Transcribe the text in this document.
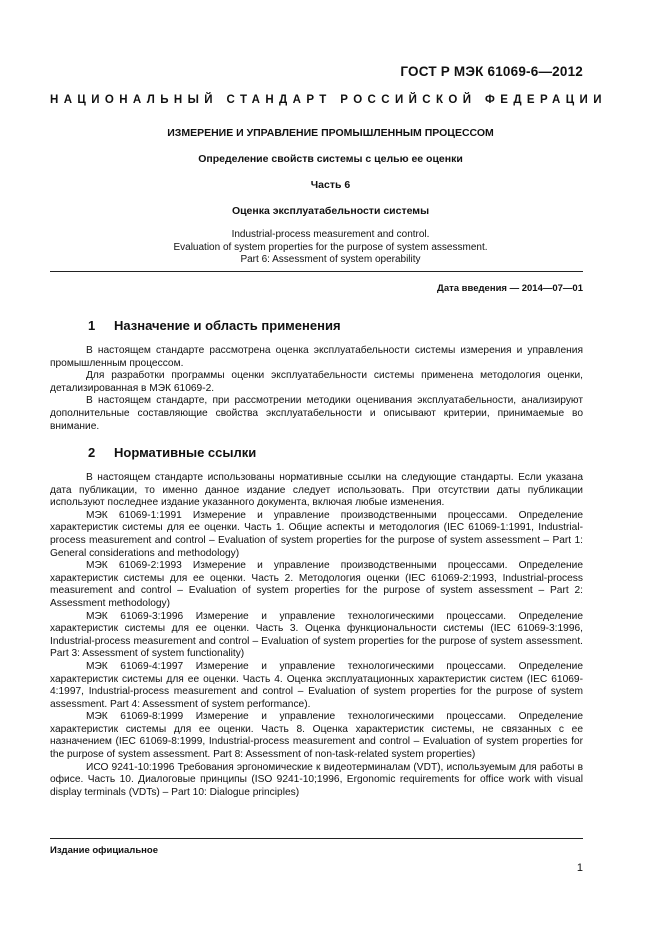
ГОСТ Р МЭК 61069-6—2012
НАЦИОНАЛЬНЫЙ СТАНДАРТ РОССИЙСКОЙ ФЕДЕРАЦИИ
ИЗМЕРЕНИЕ И УПРАВЛЕНИЕ ПРОМЫШЛЕННЫМ ПРОЦЕССОМ
Определение свойств системы с целью ее оценки
Часть 6
Оценка эксплуатабельности системы
Industrial-process measurement and control.
Evaluation of system properties for the purpose of system assessment.
Part 6: Assessment of system operability
Дата введения — 2014—07—01
1 Назначение и область применения

В настоящем стандарте рассмотрена оценка эксплуатабельности системы измерения и управления промышленным процессом.

Для разработки программы оценки эксплуатабельности системы применена методология оценки, детализированная в МЭК 61069-2.

В настоящем стандарте, при рассмотрении методики оценивания эксплуатабельности, анализируют дополнительные составляющие свойства эксплуатабельности и описывают критерии, принимаемые во внимание.

2 Нормативные ссылки

В настоящем стандарте использованы нормативные ссылки на следующие стандарты. Если указана дата публикации, то именно данное издание следует использовать. При отсутствии даты публикации используют последнее издание указанного документа, включая любые изменения.

МЭК 61069-1:1991 Измерение и управление производственными процессами. Определение характеристик системы для ее оценки. Часть 1. Общие аспекты и методология (IEC 61069-1:1991, Industrial-process measurement and control – Evaluation of system properties for the purpose of system assessment – Part 1: General considerations and methodology)

МЭК 61069-2:1993 Измерение и управление производственными процессами. Определение характеристик системы для ее оценки. Часть 2. Методология оценки (IEC 61069-2:1993, Industrial-process measurement and control – Evaluation of system properties for the purpose of system assessment – Part 2: Assessment methodology)

МЭК 61069-3:1996 Измерение и управление технологическими процессами. Определение характеристик системы для ее оценки. Часть 3. Оценка функциональности системы (IEC 61069-3:1996, Industrial-process measurement and control – Evaluation of system properties for the purpose of system assessment. Part 3: Assessment of system functionality)

МЭК 61069-4:1997 Измерение и управление технологическими процессами. Определение характеристик системы для ее оценки. Часть 4. Оценка эксплуатационных характеристик систем (IEC 61069-4:1997, Industrial-process measurement and control – Evaluation of system properties for the purpose of system assessment. Part 4: Assessment of system performance).

МЭК 61069-8:1999 Измерение и управление технологическими процессами. Определение характеристик системы для ее оценки. Часть 8. Оценка характеристик системы, не связанных с ее назначением (IEC 61069-8:1999, Industrial-process measurement and control – Evaluation of system properties for the purpose of system assessment. Part 8: Assessment of non-task-related system properties)

ИСО 9241-10:1996 Требования эргономические к видеотерминалам (VDT), используемым для работы в офисе. Часть 10. Диалоговые принципы (ISO 9241-10;1996, Ergonomic requirements for office work with visual display terminals (VDTs) – Part 10: Dialogue principles)

Издание официальное
1
